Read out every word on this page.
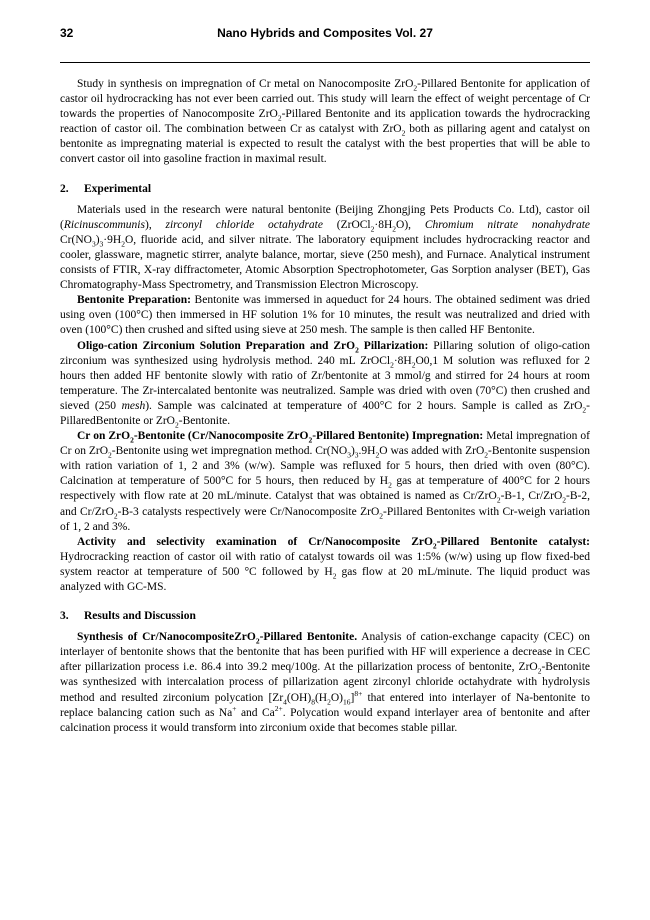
32	Nano Hybrids and Composites Vol. 27

Study in synthesis on impregnation of Cr metal on Nanocomposite ZrO$_2$-Pillared Bentonite for application of castor oil hydrocracking has not ever been carried out. This study will learn the effect of weight percentage of Cr towards the properties of Nanocomposite ZrO$_2$-Pillared Bentonite and its application towards the hydrocracking reaction of castor oil. The combination between Cr as catalyst with ZrO$_2$ both as pillaring agent and catalyst on bentonite as impregnating material is expected to result the catalyst with the best properties that will be able to convert castor oil into gasoline fraction in maximal result.

2. Experimental

Materials used in the research were natural bentonite (Beijing Zhongjing Pets Products Co. Ltd), castor oil (Ricinuscommunis), zirconyl chloride octahydrate $(ZrOCl_2\cdot 8H_2O)$, Chromium nitrate nonahydrate $Cr(NO_3)_3\cdot 9H_2O$, fluoride acid, and silver nitrate. The laboratory equipment includes hydrocracking reactor and cooler, glassware, magnetic stirrer, analyte balance, mortar, sieve (250 mesh), and Furnace. Analytical instrument consists of FTIR, X-ray diffractometer, Atomic Absorption Spectrophotometer, Gas Sorption analyser (BET), Gas Chromatography-Mass Spectrometry, and Transmission Electron Microscopy.

Bentonite Preparation: Bentonite was immersed in aqueduct for 24 hours. The obtained sediment was dried using oven (100°C) then immersed in HF solution 1% for 10 minutes, the result was neutralized and dried with oven (100°C) then crushed and sifted using sieve at 250 mesh. The sample is then called HF Bentonite.

Oligo-cation Zirconium Solution Preparation and ZrO$_2$ Pillarization: Pillaring solution of oligo-cation zirconium was synthesized using hydrolysis method. 240 mL $ZrOCl_2\cdot 8H_2O0,1$ M solution was refluxed for 2 hours then added HF bentonite slowly with ratio of Zr/bentonite at 3 mmol/g and stirred for 24 hours at room temperature. The Zr-intercalated bentonite was neutralized. Sample was dried with oven (70°C) then crushed and sieved (250 mesh). Sample was calcinated at temperature of 400°C for 2 hours. Sample is called as ZrO$_2$-PillaredBentonite or ZrO$_2$-Bentonite.

Cr on ZrO$_2$-Bentonite (Cr/Nanocomposite ZrO$_2$-Pillared Bentonite) Impregnation: Metal impregnation of Cr on ZrO$_2$-Bentonite using wet impregnation method. $Cr(NO_3)_3.9H_2O$ was added with ZrO$_2$-Bentonite suspension with ration variation of 1, 2 and 3% (w/w). Sample was refluxed for 5 hours, then dried with oven (80°C). Calcination at temperature of 500°C for 5 hours, then reduced by $H_2$ gas at temperature of 400°C for 2 hours respectively with flow rate at 20 mL/minute. Catalyst that was obtained is named as Cr/ZrO$_2$-B-1, Cr/ZrO$_2$-B-2, and Cr/ZrO$_2$-B-3 catalysts respectively were Cr/Nanocomposite ZrO$_2$-Pillared Bentonites with Cr-weigh variation of 1, 2 and 3%.

Activity and selectivity examination of Cr/Nanocomposite ZrO$_2$-Pillared Bentonite catalyst: Hydrocracking reaction of castor oil with ratio of catalyst towards oil was 1:5% (w/w) using up flow fixed-bed system reactor at temperature of 500 °C followed by $H_2$ gas flow at 20 mL/minute. The liquid product was analyzed with GC-MS.

3. Results and Discussion

Synthesis of Cr/NanocompositeZrO$_2$-Pillared Bentonite. Analysis of cation-exchange capacity (CEC) on interlayer of bentonite shows that the bentonite that has been purified with HF will experience a decrease in CEC after pillarization process i.e. 86.4 into 39.2 meq/100g. At the pillarization process of bentonite, ZrO$_2$-Bentonite was synthesized with intercalation process of pillarization agent zirconyl chloride octahydrate with hydrolysis method and resulted zirconium polycation $[Zr_4(OH)_8(H_2O)_{16}]^{8+}$ that entered into interlayer of Na-bentonite to replace balancing cation such as Na+ and $Ca^{2+}$. Polycation would expand interlayer area of bentonite and after calcination process it would transform into zirconium oxide that becomes stable pillar.
